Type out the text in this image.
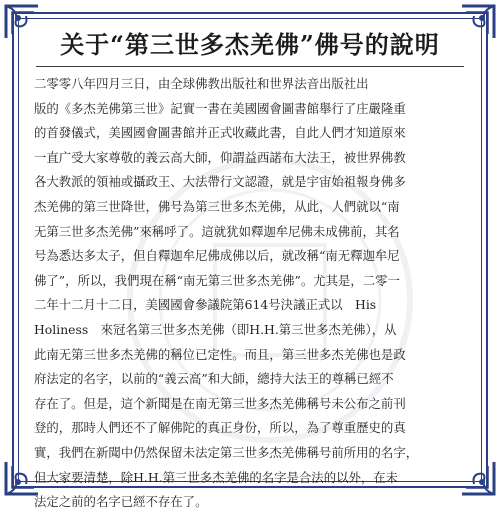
关于“第三世多杰羌佛”佛号的說明
二零零八年四月三日，由全球佛教出版社和世界法音出版社出
版的《多杰羌佛第三世》記實一書在美國國會圖書館舉行了庄嚴隆重
的首發儀式，美國國會圖書館并正式收藏此書，自此人們才知道原來
一直广受大家尊敬的義云高大師，仰謂益西諾布大法王，被世界佛教
各大教派的領袖或攝政王、大法帶行文認證，就是宇宙始祖報身佛多
杰羌佛的第三世降世，佛号為第三世多杰羌佛，从此，人們就以“南
无第三世多杰羌佛”來稱呼了。這就犹如釋迦牟尼佛未成佛前，其名
号為悉达多太子，但自釋迦牟尼佛成佛以后，就改稱“南无釋迦牟尼
佛了”，所以，我們現在稱“南无第三世多杰羌佛”。尤其是，二零一
二年十二月十二日，美國國會參議院第614号決議正式以　His
Holiness　來冠名第三世多杰羌佛（即H.H.第三世多杰羌佛），从
此南无第三世多杰羌佛的稱位已定性。而且，第三世多杰羌佛也是政
府法定的名字，以前的“義云高”和大師，總持大法王的尊稱已經不
存在了。但是，這个新聞是在南无第三世多杰羌佛稱号未公布之前刊
登的，那時人們还不了解佛陀的真正身份，所以，為了尊重歷史的真
實，我們在新聞中仍然保留未法定第三世多杰羌佛稱号前所用的名字，
但大家要清楚，除H.H.第三世多杰羌佛的名字是合法的以外，在未
法定之前的名字已經不存在了。
